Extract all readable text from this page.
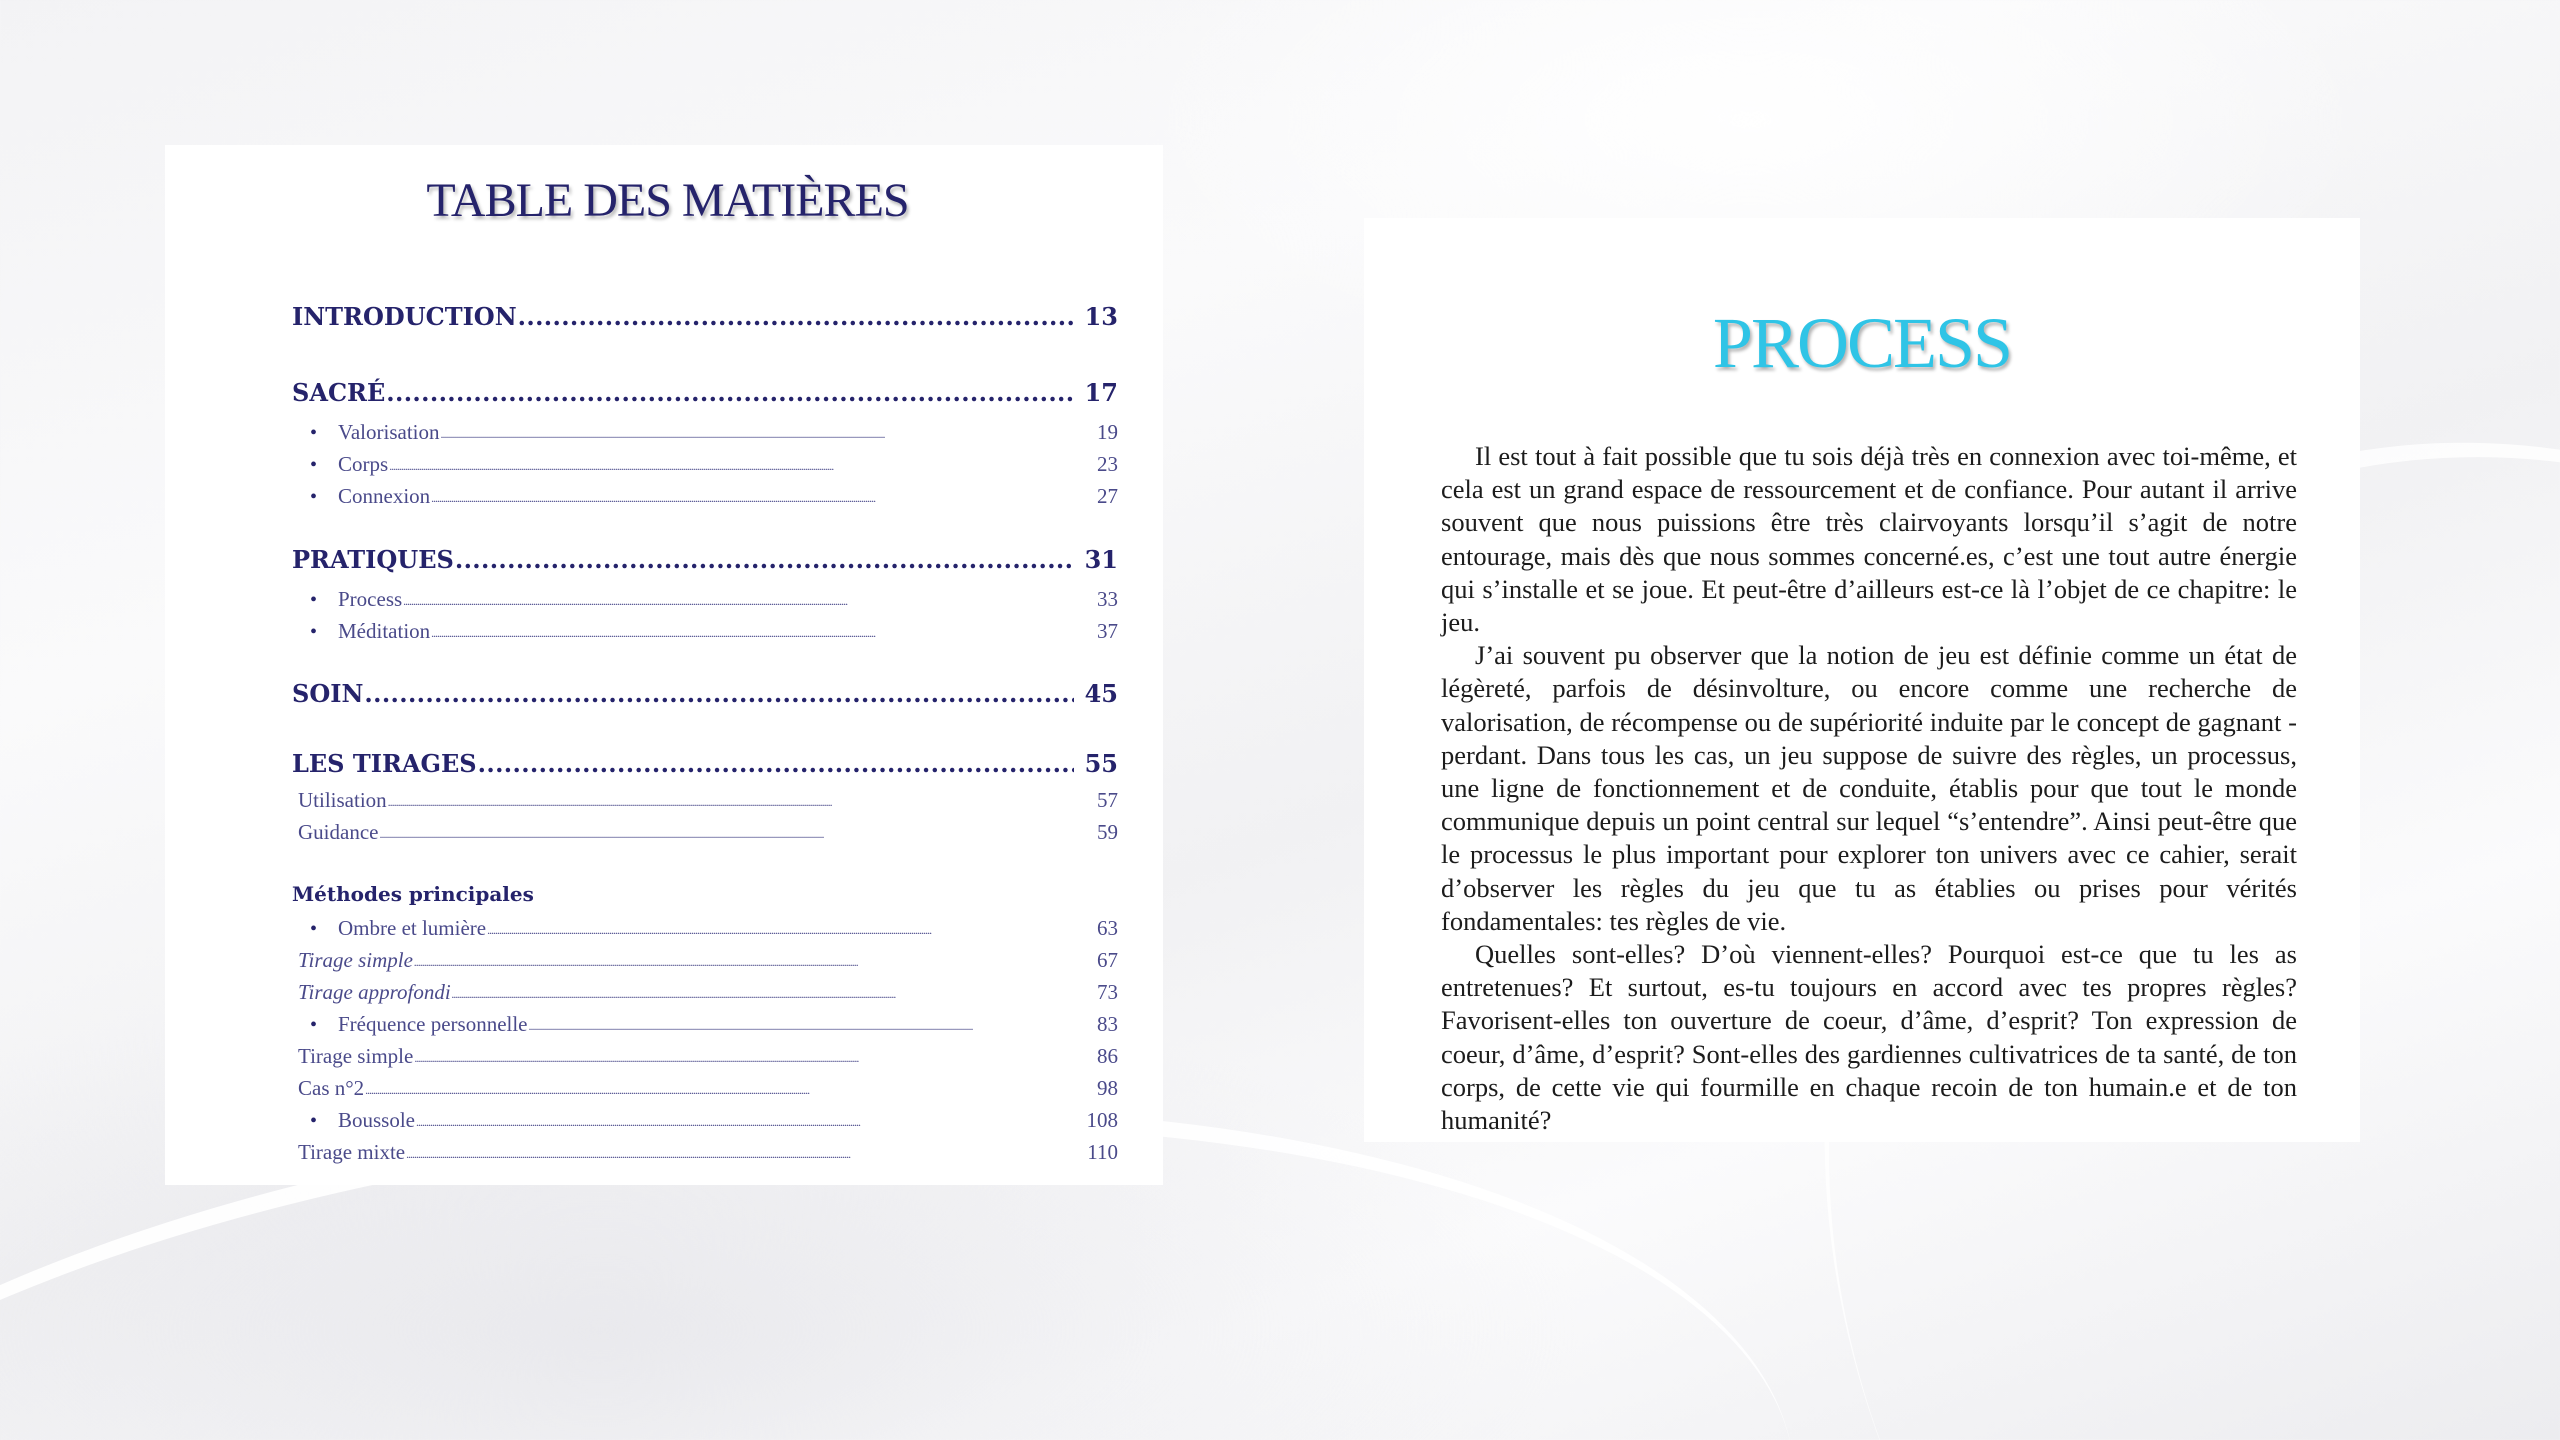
TABLE DES MATIÈRES
INTRODUCTION . . .	13
SACRÉ . . .	17
• Valorisation . . .	19
• Corps . . .	23
• Connexion . . .	27
PRATIQUES . . .	31
• Process . . .	33
• Méditation . . .	37
SOIN . . .	45
LES TIRAGES . . .	55
Utilisation . . .	57
Guidance . . .	59
Méthodes principales
• Ombre et lumière . . .	63
Tirage simple . . .	67
Tirage approfondi . . .	73
• Fréquence personnelle . . .	83
Tirage simple . . .	86
Cas n°2 . . .	98
• Boussole . . .	108
Tirage mixte . . .	110
PROCESS

Il est tout à fait possible que tu sois déjà très en connexion avec toi-même, et cela est un grand espace de ressourcement et de confiance. Pour autant il arrive souvent que nous puissions être très clairvoyants lorsqu’il s’agit de notre entourage, mais dès que nous sommes concerné.es, c’est une tout autre énergie qui s’installe et se joue. Et peut-être d’ailleurs est-ce là l’objet de ce chapitre: le jeu.

J’ai souvent pu observer que la notion de jeu est définie comme un état de légèreté, parfois de désinvolture, ou encore comme une recherche de valorisation, de récompense ou de supériorité induite par le concept de gagnant - perdant. Dans tous les cas, un jeu suppose de suivre des règles, un processus, une ligne de fonctionnement et de conduite, établis pour que tout le monde communique depuis un point central sur lequel “s’entendre”. Ainsi peut-être que le processus le plus important pour explorer ton univers avec ce cahier, serait d’observer les règles du jeu que tu as établies ou prises pour vérités fondamentales: tes règles de vie.

Quelles sont-elles? D’où viennent-elles? Pourquoi est-ce que tu les as entretenues? Et surtout, es-tu toujours en accord avec tes propres règles? Favorisent-elles ton ouverture de coeur, d’âme, d’esprit? Ton expression de coeur, d’âme, d’esprit? Sont-elles des gardiennes cultivatrices de ta santé, de ton corps, de cette vie qui fourmille en chaque recoin de ton humain.e et de ton humanité?
